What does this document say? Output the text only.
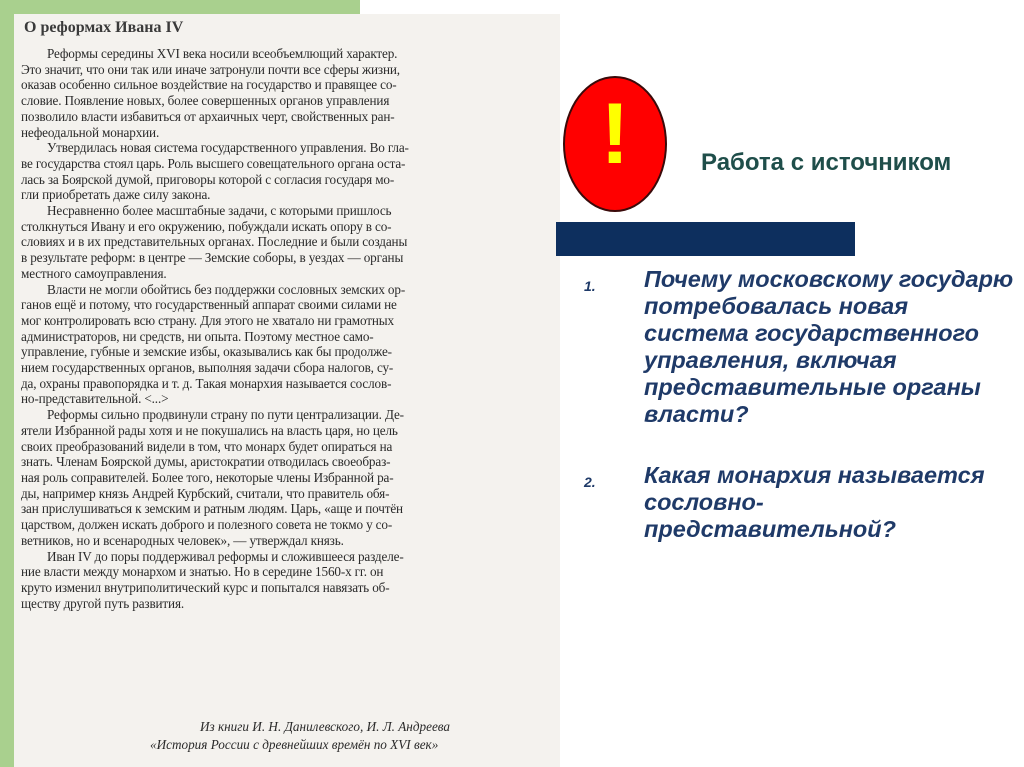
О реформах Ивана IV
Реформы середины XVI века носили всеобъемлющий характер.
Это значит, что они так или иначе затронули почти все сферы жизни,
оказав особенно сильное воздействие на государство и правящее со-
словие. Появление новых, более совершенных органов управления
позволило власти избавиться от архаичных черт, свойственных ран-
нефеодальной монархии.
Утвердилась новая система государственного управления. Во гла-
ве государства стоял царь. Роль высшего совещательного органа оста-
лась за Боярской думой, приговоры которой с согласия государя мо-
гли приобретать даже силу закона.
Несравненно более масштабные задачи, с которыми пришлось
столкнуться Ивану и его окружению, побуждали искать опору в со-
словиях и в их представительных органах. Последние и были созданы
в результате реформ: в центре — Земские соборы, в уездах — органы
местного самоуправления.
Власти не могли обойтись без поддержки сословных земских ор-
ганов ещё и потому, что государственный аппарат своими силами не
мог контролировать всю страну. Для этого не хватало ни грамотных
администраторов, ни средств, ни опыта. Поэтому местное само-
управление, губные и земские избы, оказывались как бы продолже-
нием государственных органов, выполняя задачи сбора налогов, су-
да, охраны правопорядка и т. д. Такая монархия называется сослов-
но-представительной. <...>
Реформы сильно продвинули страну по пути централизации. Де-
ятели Избранной рады хотя и не покушались на власть царя, но цель
своих преобразований видели в том, что монарх будет опираться на
знать. Членам Боярской думы, аристократии отводилась своеобраз-
ная роль соправителей. Более того, некоторые члены Избранной ра-
ды, например князь Андрей Курбский, считали, что правитель обя-
зан прислушиваться к земским и ратным людям. Царь, «аще и почтён
царством, должен искать доброго и полезного совета не токмо у со-
ветников, но и всенародных человек», — утверждал князь.
Иван IV до поры поддерживал реформы и сложившееся разделе-
ние власти между монархом и знатью. Но в середине 1560-х гг. он
круто изменил внутриполитический курс и попытался навязать об-
ществу другой путь развития.
Из книги И. Н. Данилевского, И. Л. Андреева
«История России с древнейших времён по XVI век»
!	Работа с источником
1. Почему московскому государю потребовалась новая система государственного управления, включая представительные органы власти?
2. Какая монархия называется сословно-представительной?
